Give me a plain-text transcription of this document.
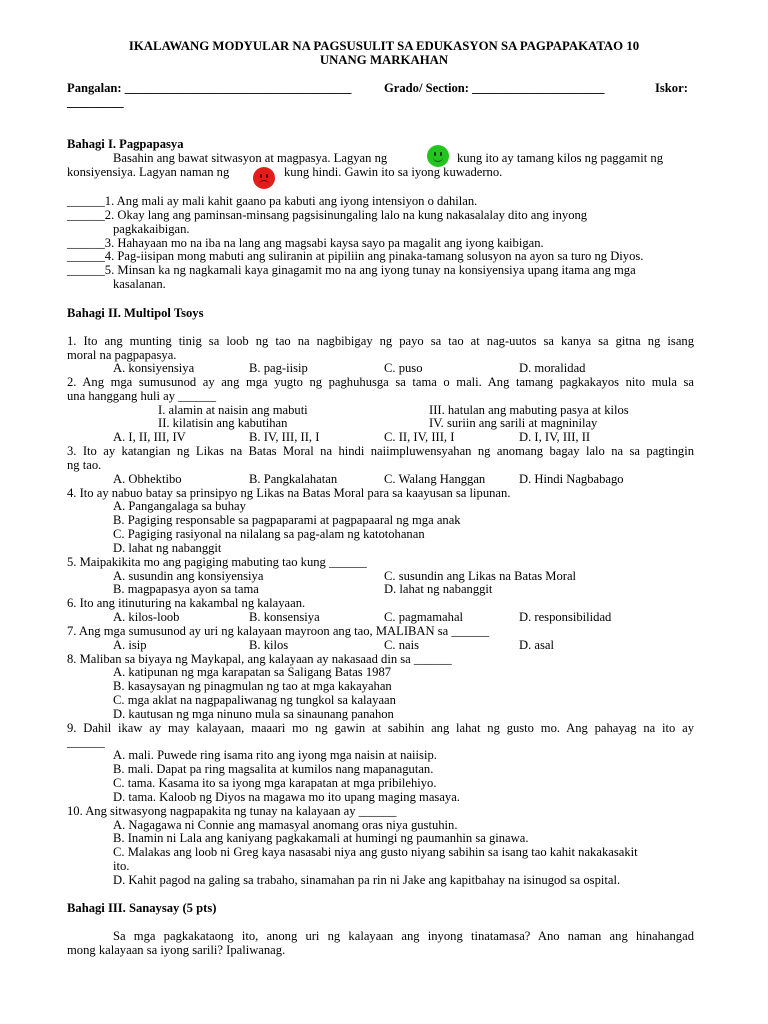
IKALAWANG MODYULAR NA PAGSUSULIT SA EDUKASYON SA PAGPAPAKATAO 10
UNANG MARKAHAN
Pangalan: ____________________________________	Grado/ Section: _____________________	Iskor:
_________
Bahagi I. Pagpapasya
Basahin ang bawat sitwasyon at magpasya. Lagyan ng	kung ito ay tamang kilos ng paggamit ng
konsiyensiya. Lagyan naman ng	kung hindi. Gawin ito sa iyong kuwaderno.
______1. Ang mali ay mali kahit gaano pa kabuti ang iyong intensiyon o dahilan.
______2. Okay lang ang paminsan-minsang pagsisinungaling lalo na kung nakasalalay dito ang inyong
pagkakaibigan.
______3. Hahayaan mo na iba na lang ang magsabi kaysa sayo pa magalit ang iyong kaibigan.
______4. Pag-iisipan mong mabuti ang suliranin at pipiliin ang pinaka-tamang solusyon na ayon sa turo ng Diyos.
______5. Minsan ka ng nagkamali kaya ginagamit mo na ang iyong tunay na konsiyensiya upang itama ang mga
kasalanan.
Bahagi II. Multipol Tsoys
1. Ito ang munting tinig sa loob ng tao na nagbibigay ng payo sa tao at nag-uutos sa kanya sa gitna ng isang
moral na pagpapasya.
A. konsiyensiya	B. pag-iisip	C. puso	D. moralidad
2. Ang mga sumusunod ay ang mga yugto ng paghuhusga sa tama o mali. Ang tamang pagkakayos nito mula sa
una hanggang huli ay ______
I. alamin at naisin ang mabuti	III. hatulan ang mabuting pasya at kilos
II. kilatisin ang kabutihan	IV. suriin ang sarili at magninilay
A. I, II, III, IV	B. IV, III, II, I	C. II, IV, III, I	D. I, IV, III, II
3. Ito ay katangian ng Likas na Batas Moral na hindi naiimpluwensyahan ng anomang bagay lalo na sa pagtingin
ng tao.
A. Obhektibo	B. Pangkalahatan	C. Walang Hanggan	D. Hindi Nagbabago
4. Ito ay nabuo batay sa prinsipyo ng Likas na Batas Moral para sa kaayusan sa lipunan.
A. Pangangalaga sa buhay
B. Pagiging responsable sa pagpaparami at pagpapaaral ng mga anak
C. Pagiging rasiyonal na nilalang sa pag-alam ng katotohanan
D. lahat ng nabanggit
5. Maipakikita mo ang pagiging mabuting tao kung ______
A. susundin ang konsiyensiya	C. susundin ang Likas na Batas Moral
B. magpapasya ayon sa tama	D. lahat ng nabanggit
6. Ito ang itinuturing na kakambal ng kalayaan.
A. kilos-loob	B. konsensiya	C. pagmamahal	D. responsibilidad
7. Ang mga sumusunod ay uri ng kalayaan mayroon ang tao, MALIBAN sa ______
A. isip	B. kilos	C. nais	D. asal
8. Maliban sa biyaya ng Maykapal, ang kalayaan ay nakasaad din sa ______
A. katipunan ng mga karapatan sa Saligang Batas 1987
B. kasaysayan ng pinagmulan ng tao at mga kakayahan
C. mga aklat na nagpapaliwanag ng tungkol sa kalayaan
D. kautusan ng mga ninuno mula sa sinaunang panahon
9. Dahil ikaw ay may kalayaan, maaari mo ng gawin at sabihin ang lahat ng gusto mo. Ang pahayag na ito ay
______
A. mali. Puwede ring isama rito ang iyong mga naisin at naiisip.
B. mali. Dapat pa ring magsalita at kumilos nang mapanagutan.
C. tama. Kasama ito sa iyong mga karapatan at mga pribilehiyo.
D. tama. Kaloob ng Diyos na magawa mo ito upang maging masaya.
10. Ang sitwasyong nagpapakita ng tunay na kalayaan ay ______
A. Nagagawa ni Connie ang mamasyal anomang oras niya gustuhin.
B. Inamin ni Lala ang kaniyang pagkakamali at humingi ng paumanhin sa ginawa.
C. Malakas ang loob ni Greg kaya nasasabi niya ang gusto niyang sabihin sa isang tao kahit nakakasakit
ito.
D. Kahit pagod na galing sa trabaho, sinamahan pa rin ni Jake ang kapitbahay na isinugod sa ospital.
Bahagi III. Sanaysay (5 pts)
Sa mga pagkakataong ito, anong uri ng kalayaan ang inyong tinatamasa? Ano naman ang hinahangad
mong kalayaan sa iyong sarili? Ipaliwanag.
